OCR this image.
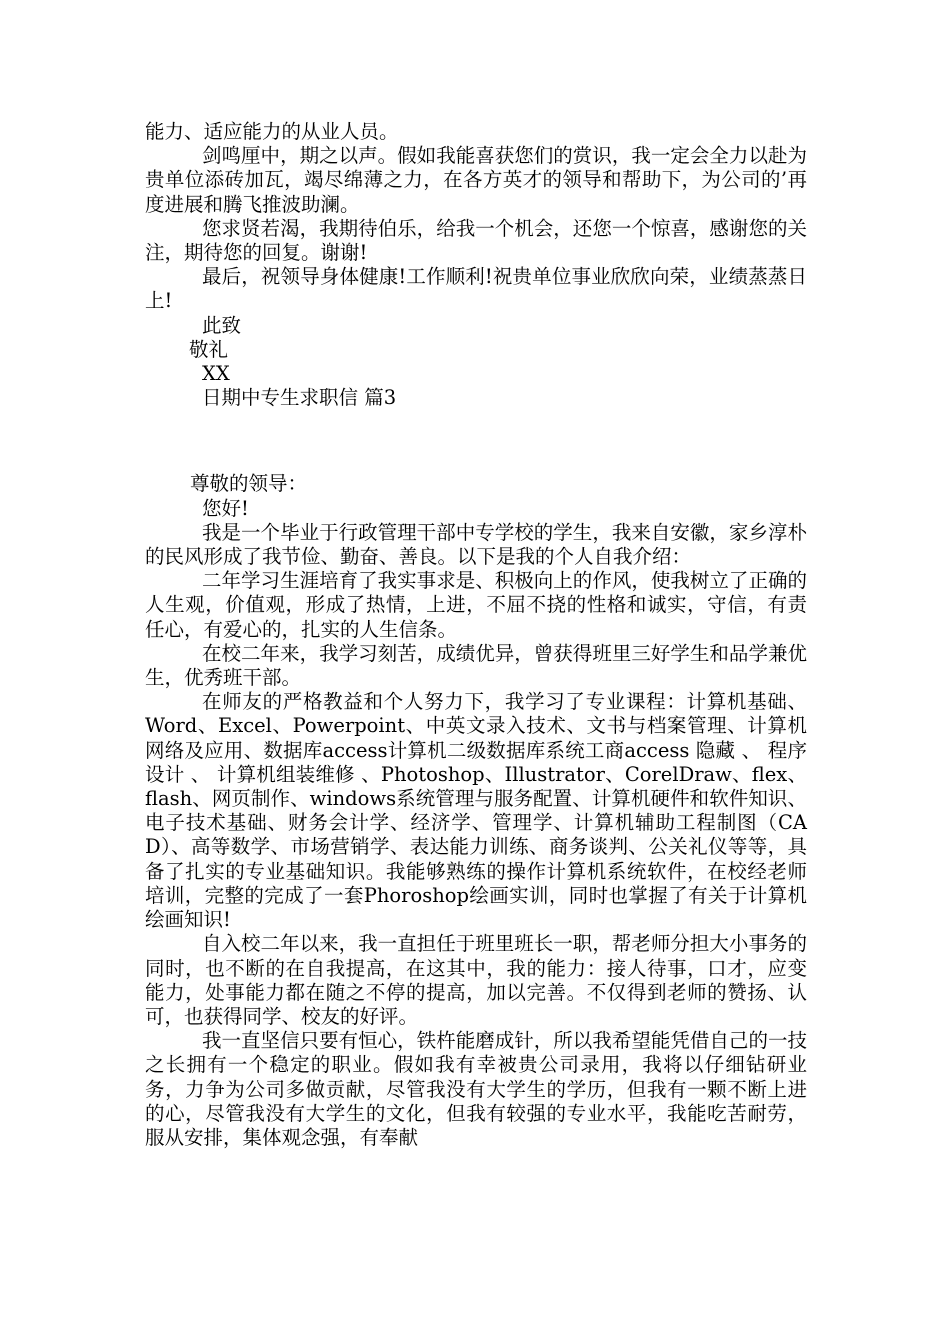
能力、适应能力的从业人员。

剑鸣厘中，期之以声。假如我能喜获您们的赏识，我一定会全力以赴为贵单位添砖加瓦，竭尽绵薄之力，在各方英才的领导和帮助下，为公司的’再度进展和腾飞推波助澜。

您求贤若渴，我期待伯乐，给我一个机会，还您一个惊喜，感谢您的关注，期待您的回复。谢谢!

最后，祝领导身体健康!工作顺利!祝贵单位事业欣欣向荣，业绩蒸蒸日上!

此致

敬礼

XX

日期中专生求职信 篇3

尊敬的领导：

您好!

我是一个毕业于行政管理干部中专学校的学生，我来自安徽，家乡淳朴的民风形成了我节俭、勤奋、善良。以下是我的个人自我介绍：

二年学习生涯培育了我实事求是、积极向上的作风，使我树立了正确的人生观，价值观，形成了热情，上进，不屈不挠的性格和诚实，守信，有责任心，有爱心的，扎实的人生信条。

在校二年来，我学习刻苦，成绩优异，曾获得班里三好学生和品学兼优生，优秀班干部。

在师友的严格教益和个人努力下，我学习了专业课程：计算机基础、Word、Excel、Powerpoint、中英文录入技术、文书与档案管理、计算机网络及应用、数据库access计算机二级数据库系统工商access 隐藏 、 程序设计 、 计算机组装维修 、Photoshop、Illustrator、CorelDraw、flex、flash、网页制作、windows系统管理与服务配置、计算机硬件和软件知识、电子技术基础、财务会计学、经济学、管理学、计算机辅助工程制图（CAD）、高等数学、市场营销学、表达能力训练、商务谈判、公关礼仪等等，具备了扎实的专业基础知识。我能够熟练的操作计算机系统软件，在校经老师培训，完整的完成了一套Phoroshop绘画实训，同时也掌握了有关于计算机绘画知识!

自入校二年以来，我一直担任于班里班长一职，帮老师分担大小事务的同时，也不断的在自我提高，在这其中，我的能力：接人待事，口才，应变能力，处事能力都在随之不停的提高，加以完善。不仅得到老师的赞扬、认可，也获得同学、校友的好评。

我一直坚信只要有恒心，铁杵能磨成针，所以我希望能凭借自己的一技之长拥有一个稳定的职业。假如我有幸被贵公司录用，我将以仔细钻研业务，力争为公司多做贡献，尽管我没有大学生的学历，但我有一颗不断上进的心，尽管我没有大学生的文化，但我有较强的专业水平，我能吃苦耐劳，服从安排，集体观念强，有奉献
